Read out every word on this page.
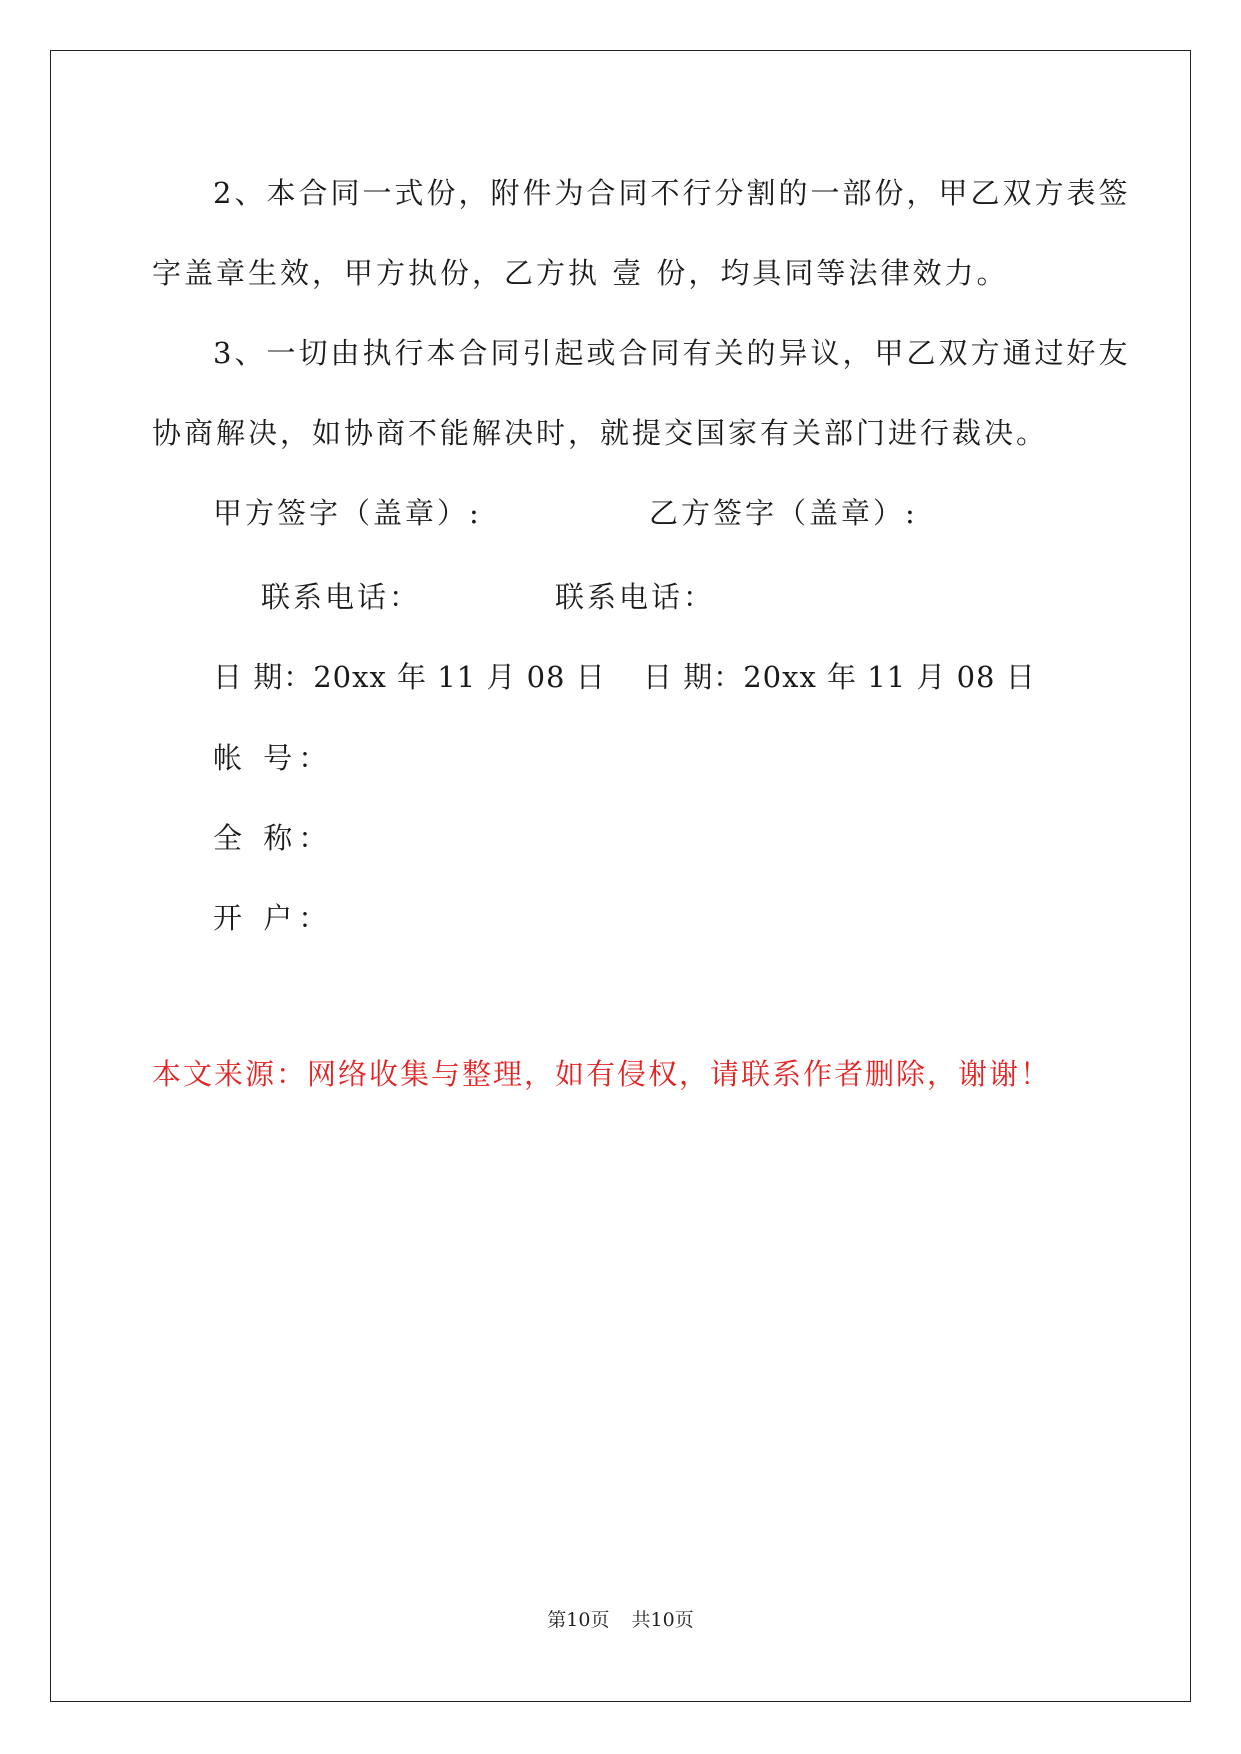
2、本合同一式份，附件为合同不行分割的一部份，甲乙双方表签
字盖章生效，甲方执份，乙方执 壹 份，均具同等法律效力。
3、一切由执行本合同引起或合同有关的异议，甲乙双方通过好友
协商解决，如协商不能解决时，就提交国家有关部门进行裁决。
甲方签字（盖章）:	乙方签字（盖章）:
联系电话：	联系电话：
日 期：20xx 年 11 月 08 日 日 期：20xx 年 11 月 08 日
帐 号：
全 称：
开 户：
本文来源：网络收集与整理，如有侵权，请联系作者删除，谢谢！
第10页 共10页
